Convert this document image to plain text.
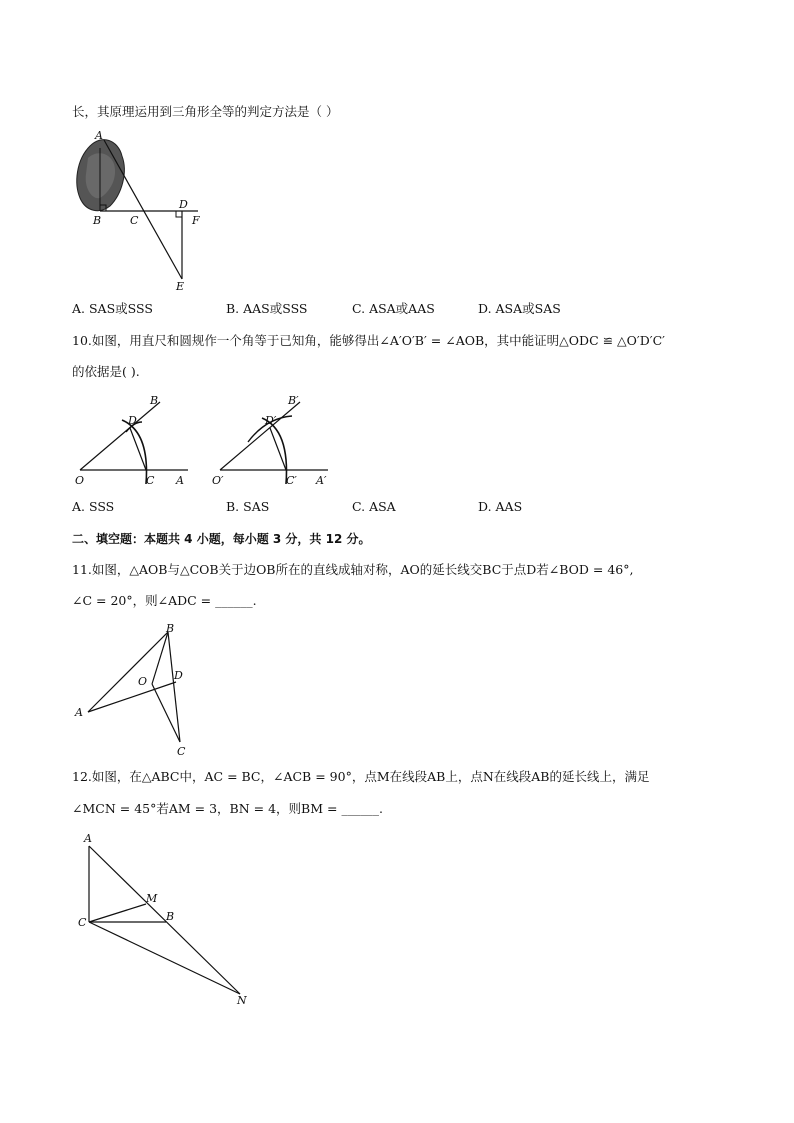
长，其原理运用到三角形全等的判定方法是（ ）
A
B	C
D
F
E
A. SAS或SSS	B. AAS或SSS	C. ASA或AAS	D. ASA或SAS
10.如图，用直尺和圆规作一个角等于已知角，能够得出∠A′O′B′ = ∠AOB，其中能证明△ODC ≌ △O′D′C′
的依据是( ).
O	C A
D
B
O′	C′ A′
D′
B′
A. SSS	B. SAS	C. ASA	D. AAS
二、填空题：本题共 4 小题，每小题 3 分，共 12 分。
11.如图，△AOB与△COB关于边OB所在的直线成轴对称，AO的延长线交BC于点D若∠BOD = 46°,
∠C = 20°，则∠ADC = ______.
A
B
O D
C
12.如图，在△ABC中，AC = BC，∠ACB = 90°，点M在线段AB上，点N在线段AB的延长线上，满足
∠MCN = 45°若AM = 3，BN = 4，则BM = ______.
A
M
B
C
N
